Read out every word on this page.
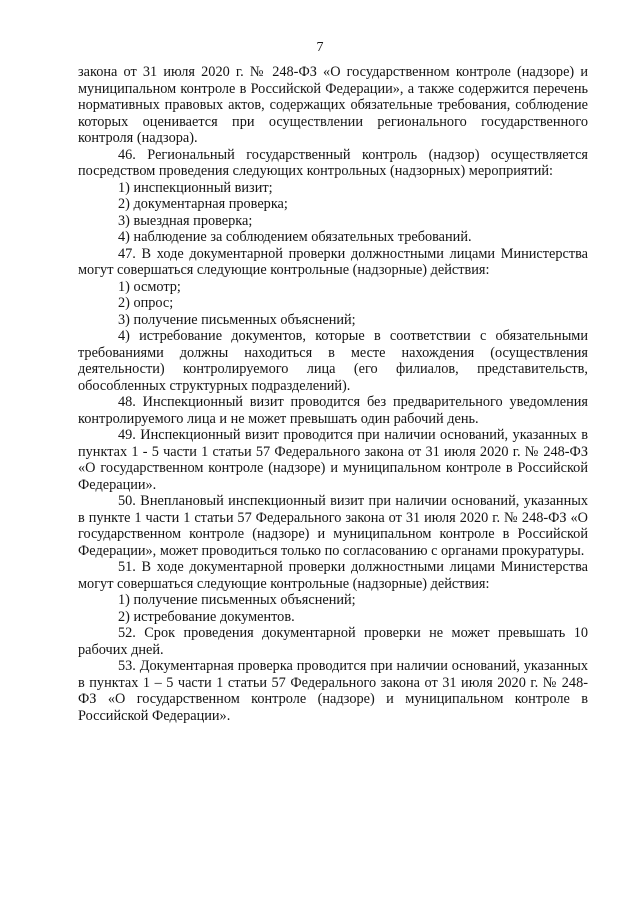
7

закона от 31 июля 2020 г. № 248-ФЗ «О государственном контроле (надзоре) и муниципальном контроле в Российской Федерации», а также содержится перечень нормативных правовых актов, содержащих обязательные требования, соблюдение которых оценивается при осуществлении регионального государственного контроля (надзора).

46. Региональный государственный контроль (надзор) осуществляется посредством проведения следующих контрольных (надзорных) мероприятий:

1) инспекционный визит;

2) документарная проверка;

3) выездная проверка;

4) наблюдение за соблюдением обязательных требований.

47. В ходе документарной проверки должностными лицами Министерства могут совершаться следующие контрольные (надзорные) действия:

1) осмотр;

2) опрос;

3) получение письменных объяснений;

4) истребование документов, которые в соответствии с обязательными требованиями должны находиться в месте нахождения (осуществления деятельности) контролируемого лица (его филиалов, представительств, обособленных структурных подразделений).

48. Инспекционный визит проводится без предварительного уведомления контролируемого лица и не может превышать один рабочий день.

49. Инспекционный визит проводится при наличии оснований, указанных в пунктах 1 - 5 части 1 статьи 57 Федерального закона от 31 июля 2020 г. № 248-ФЗ «О государственном контроле (надзоре) и муниципальном контроле в Российской Федерации».

50. Внеплановый инспекционный визит при наличии оснований, указанных в пункте 1 части 1 статьи 57 Федерального закона от 31 июля 2020 г. № 248-ФЗ «О государственном контроле (надзоре) и муниципальном контроле в Российской Федерации», может проводиться только по согласованию с органами прокуратуры.

51. В ходе документарной проверки должностными лицами Министерства могут совершаться следующие контрольные (надзорные) действия:

1) получение письменных объяснений;

2) истребование документов.

52. Срок проведения документарной проверки не может превышать 10 рабочих дней.

53. Документарная проверка проводится при наличии оснований, указанных в пунктах 1 – 5 части 1 статьи 57 Федерального закона от 31 июля 2020 г. № 248-ФЗ «О государственном контроле (надзоре) и муниципальном контроле в Российской Федерации».
